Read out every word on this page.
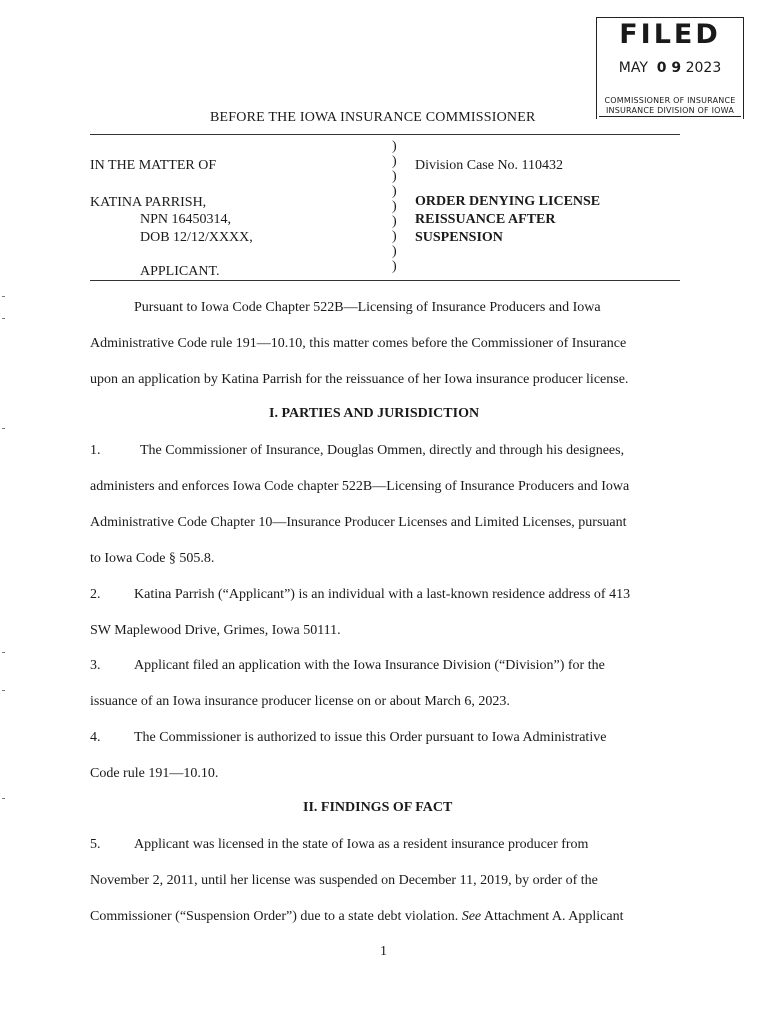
FILED
MAY 0 9 2023
COMMISSIONER OF INSURANCE
INSURANCE DIVISION OF IOWA
BEFORE THE IOWA INSURANCE COMMISSIONER
IN THE MATTER OF
KATINA PARRISH,
NPN 16450314,
DOB 12/12/XXXX,
APPLICANT.
)
)
)
)
)
)
)
)
)
Division Case No. 110432
ORDER DENYING LICENSE
REISSUANCE AFTER
SUSPENSION
Pursuant to Iowa Code Chapter 522B—Licensing of Insurance Producers and Iowa
Administrative Code rule 191—10.10, this matter comes before the Commissioner of Insurance
upon an application by Katina Parrish for the reissuance of her Iowa insurance producer license.
I. PARTIES AND JURISDICTION
1.	The Commissioner of Insurance, Douglas Ommen, directly and through his designees,
administers and enforces Iowa Code chapter 522B—Licensing of Insurance Producers and Iowa
Administrative Code Chapter 10—Insurance Producer Licenses and Limited Licenses, pursuant
to Iowa Code § 505.8.
2. Katina Parrish (“Applicant”) is an individual with a last-known residence address of 413
SW Maplewood Drive, Grimes, Iowa 50111.
3. Applicant filed an application with the Iowa Insurance Division (“Division”) for the
issuance of an Iowa insurance producer license on or about March 6, 2023.
4. The Commissioner is authorized to issue this Order pursuant to Iowa Administrative
Code rule 191—10.10.
II. FINDINGS OF FACT
5. Applicant was licensed in the state of Iowa as a resident insurance producer from
November 2, 2011, until her license was suspended on December 11, 2019, by order of the
Commissioner (“Suspension Order”) due to a state debt violation. See Attachment A. Applicant
1
